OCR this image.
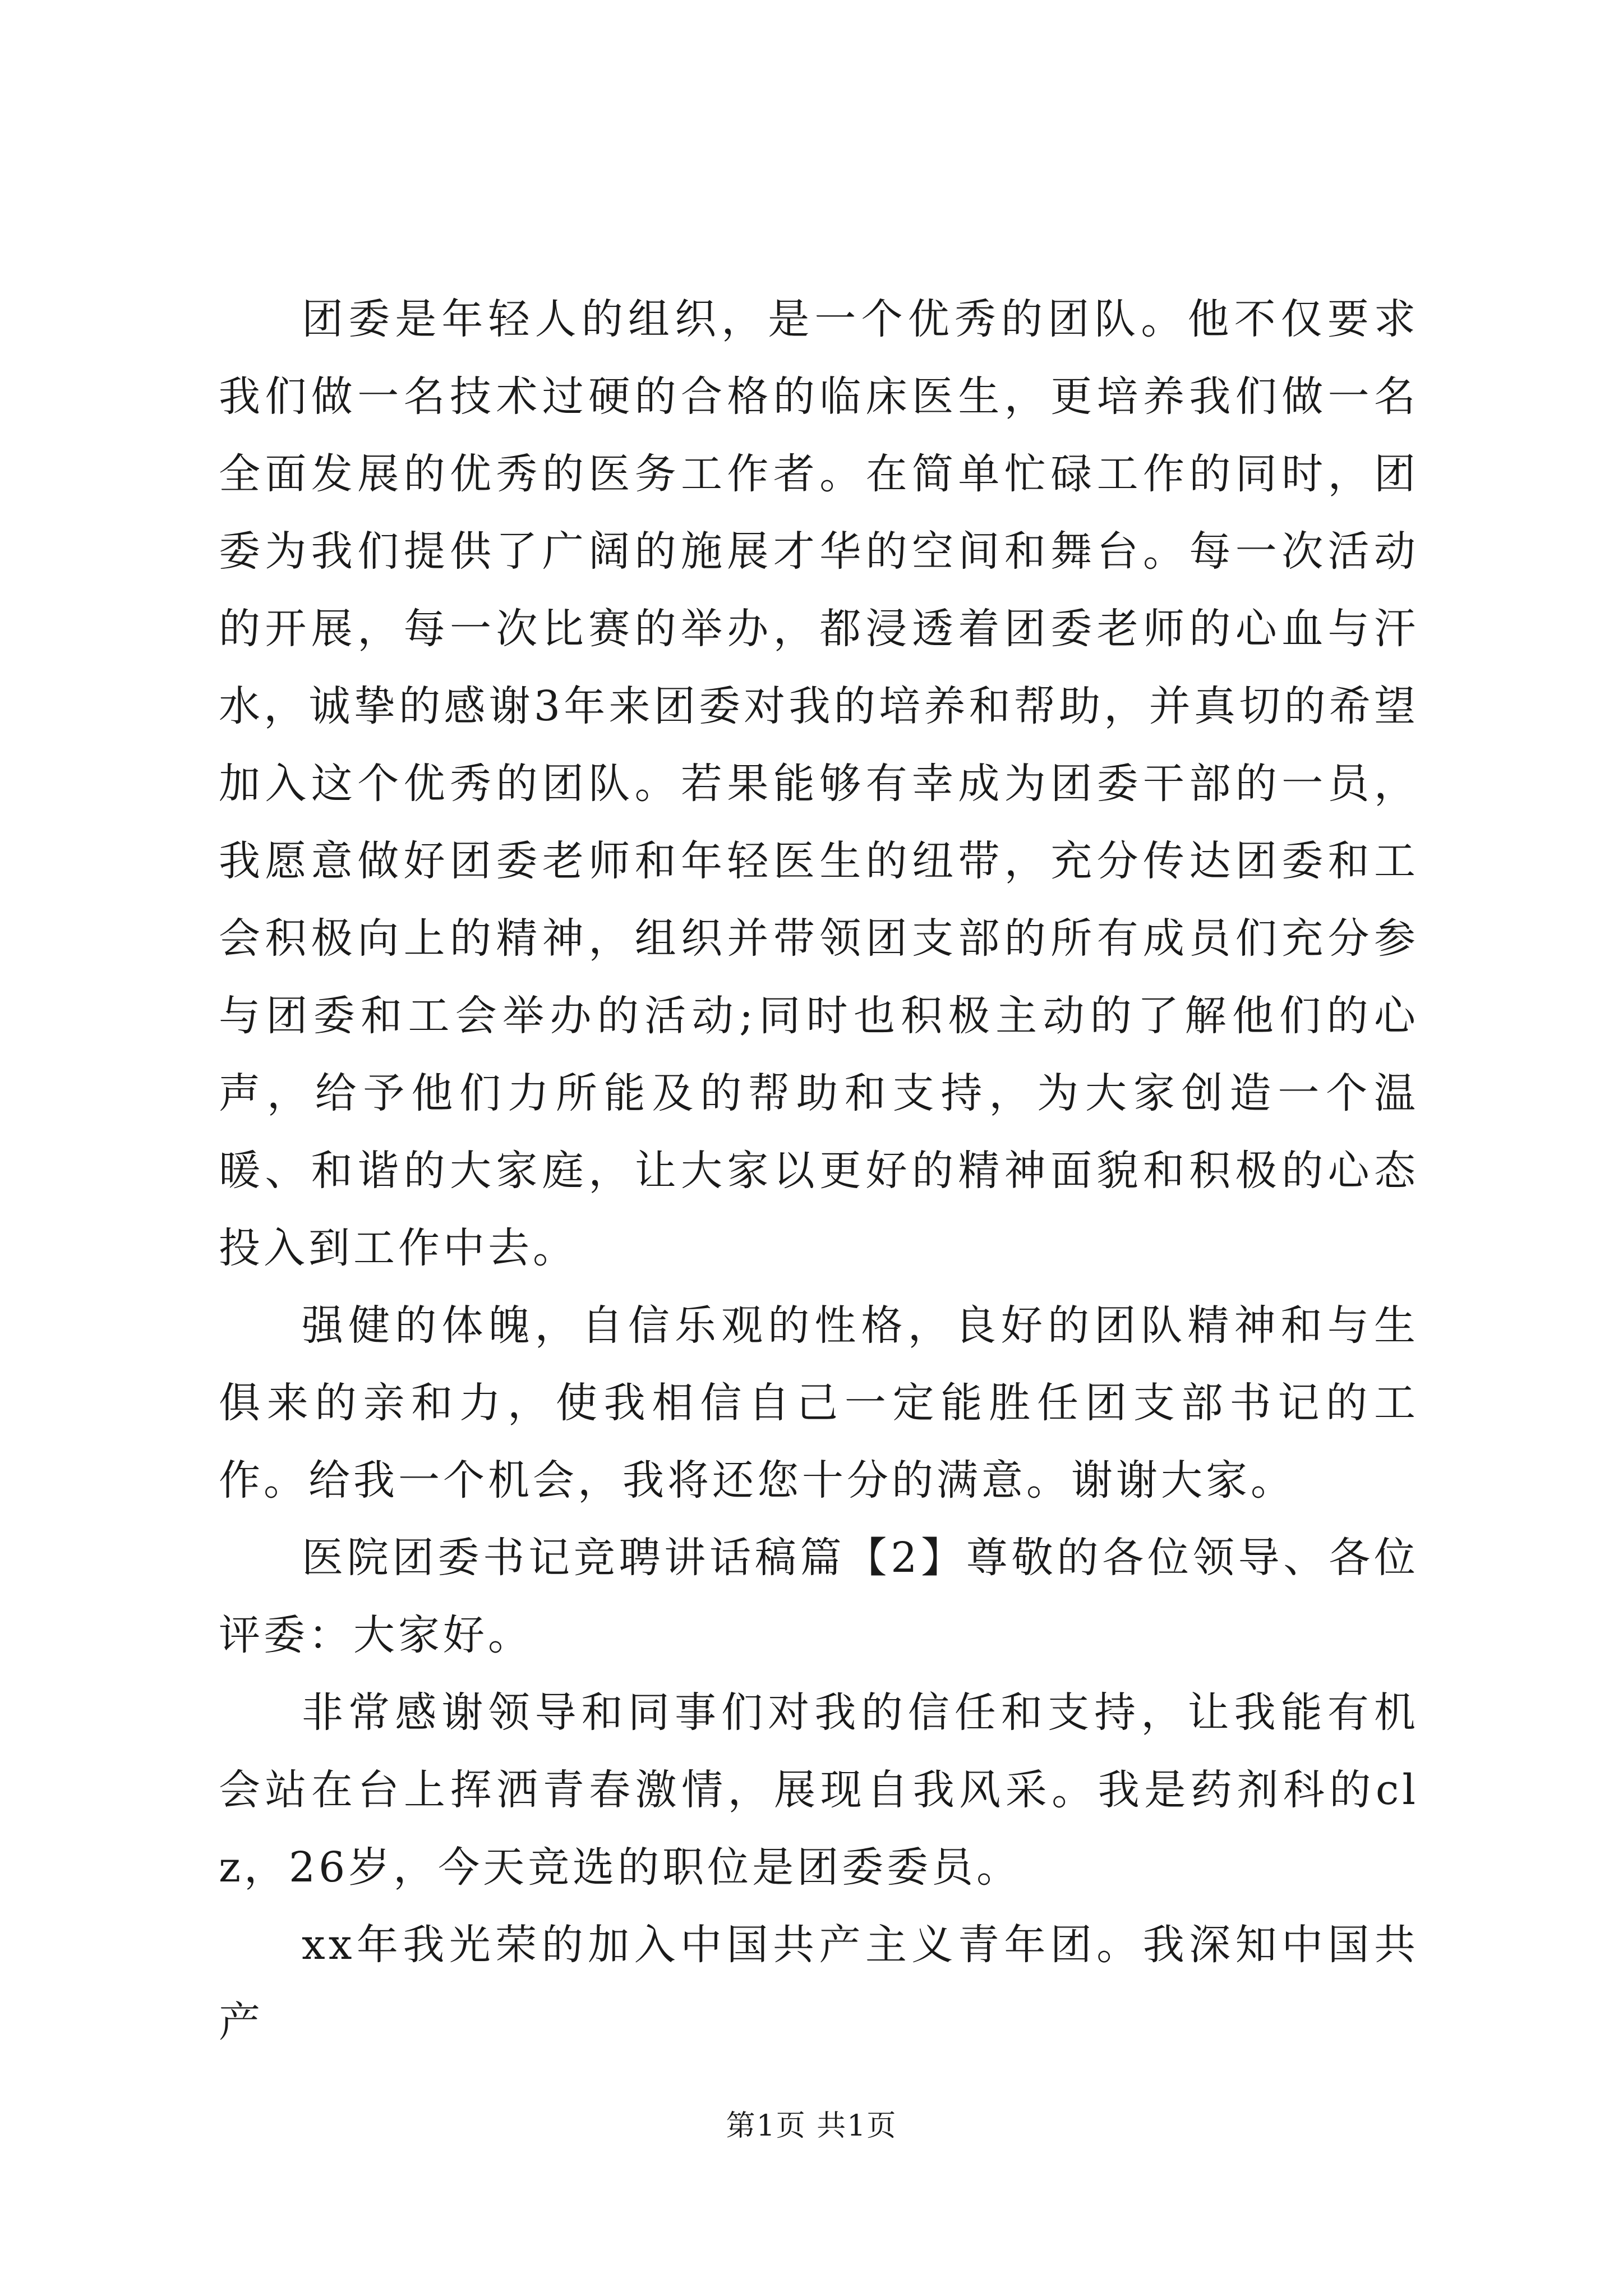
团委是年轻人的组织，是一个优秀的团队。他不仅要求我们做一名技术过硬的合格的临床医生，更培养我们做一名全面发展的优秀的医务工作者。在简单忙碌工作的同时，团委为我们提供了广阔的施展才华的空间和舞台。每一次活动的开展，每一次比赛的举办，都浸透着团委老师的心血与汗水，诚挚的感谢3年来团委对我的培养和帮助，并真切的希望加入这个优秀的团队。若果能够有幸成为团委干部的一员，我愿意做好团委老师和年轻医生的纽带，充分传达团委和工会积极向上的精神，组织并带领团支部的所有成员们充分参与团委和工会举办的活动;同时也积极主动的了解他们的心声，给予他们力所能及的帮助和支持，为大家创造一个温暖、和谐的大家庭，让大家以更好的精神面貌和积极的心态投入到工作中去。

强健的体魄，自信乐观的性格，良好的团队精神和与生俱来的亲和力，使我相信自己一定能胜任团支部书记的工作。给我一个机会，我将还您十分的满意。谢谢大家。

医院团委书记竞聘讲话稿篇【2】尊敬的各位领导、各位评委：大家好。

非常感谢领导和同事们对我的信任和支持，让我能有机会站在台上挥洒青春激情，展现自我风采。我是药剂科的clz，26岁，今天竞选的职位是团委委员。

xx年我光荣的加入中国共产主义青年团。我深知中国共产

第1页 共1页
